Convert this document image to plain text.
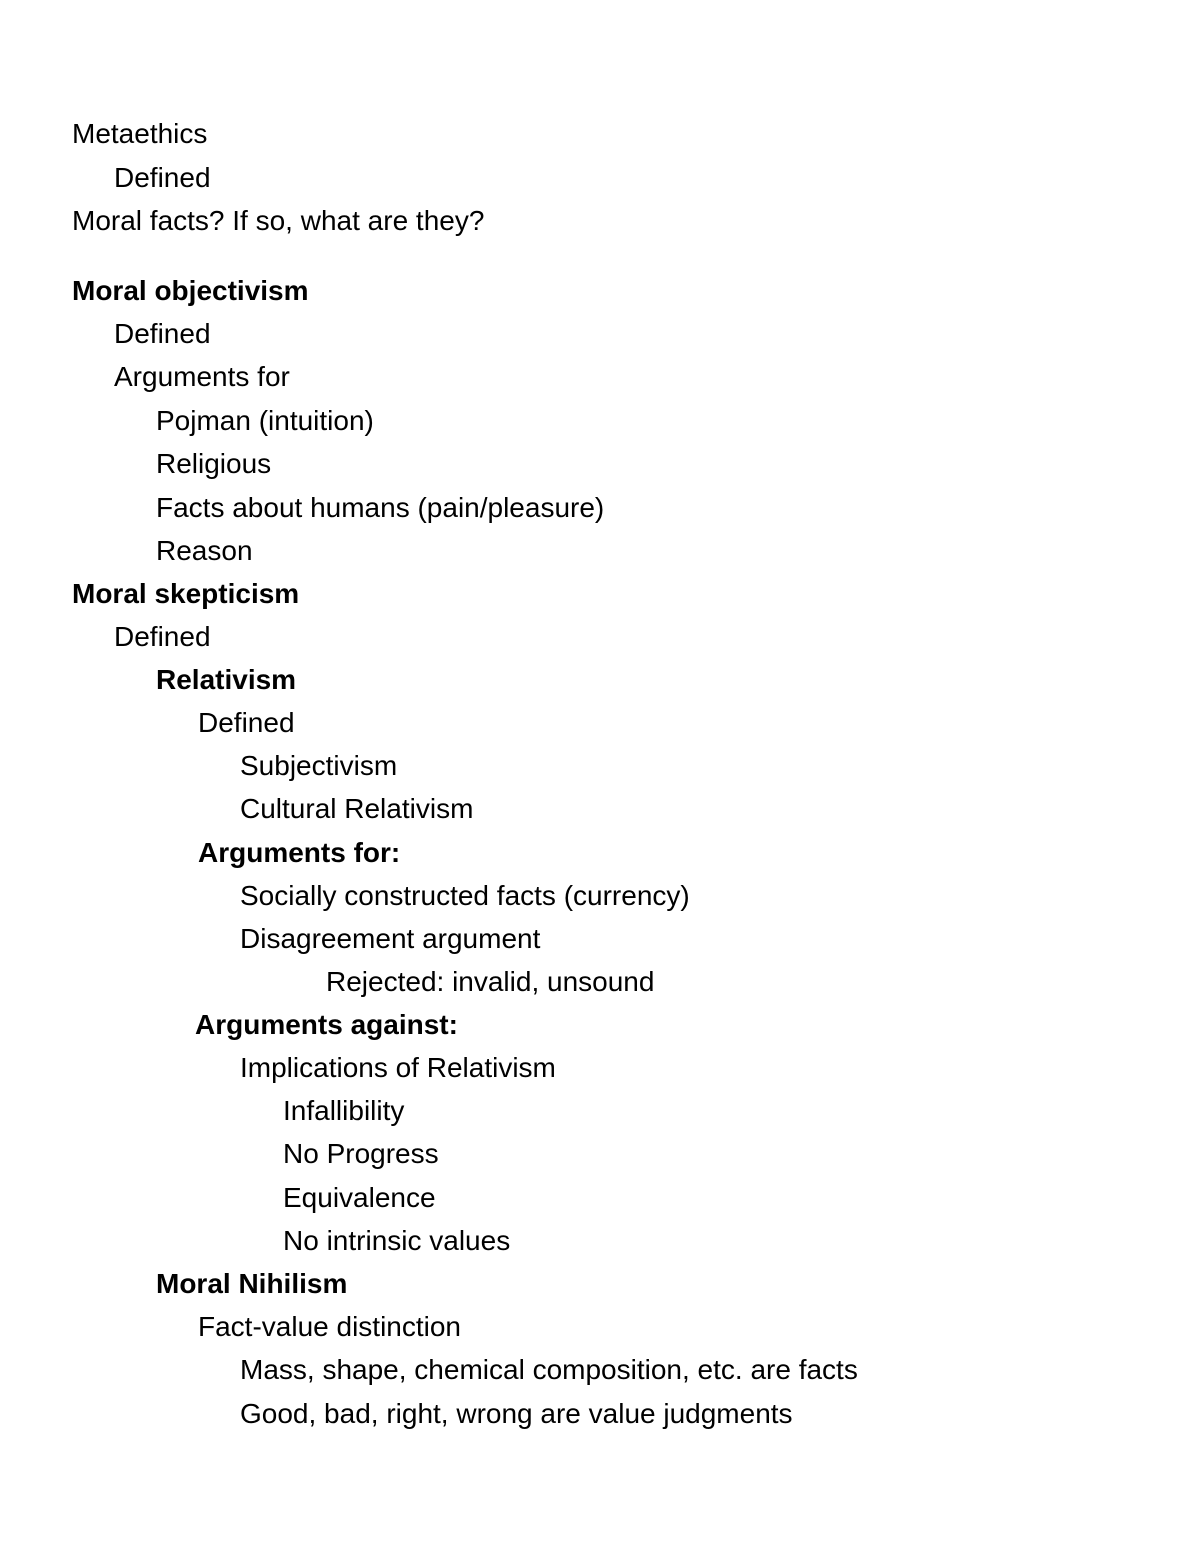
Metaethics
Defined
Moral facts? If so, what are they?
Moral objectivism
Defined
Arguments for
Pojman (intuition)
Religious
Facts about humans (pain/pleasure)
Reason
Moral skepticism
Defined
Relativism
Defined
Subjectivism
Cultural Relativism
Arguments for:
Socially constructed facts (currency)
Disagreement argument
Rejected: invalid, unsound
Arguments against:
Implications of Relativism
Infallibility
No Progress
Equivalence
No intrinsic values
Moral Nihilism
Fact-value distinction
Mass, shape, chemical composition, etc. are facts
Good, bad, right, wrong are value judgments
